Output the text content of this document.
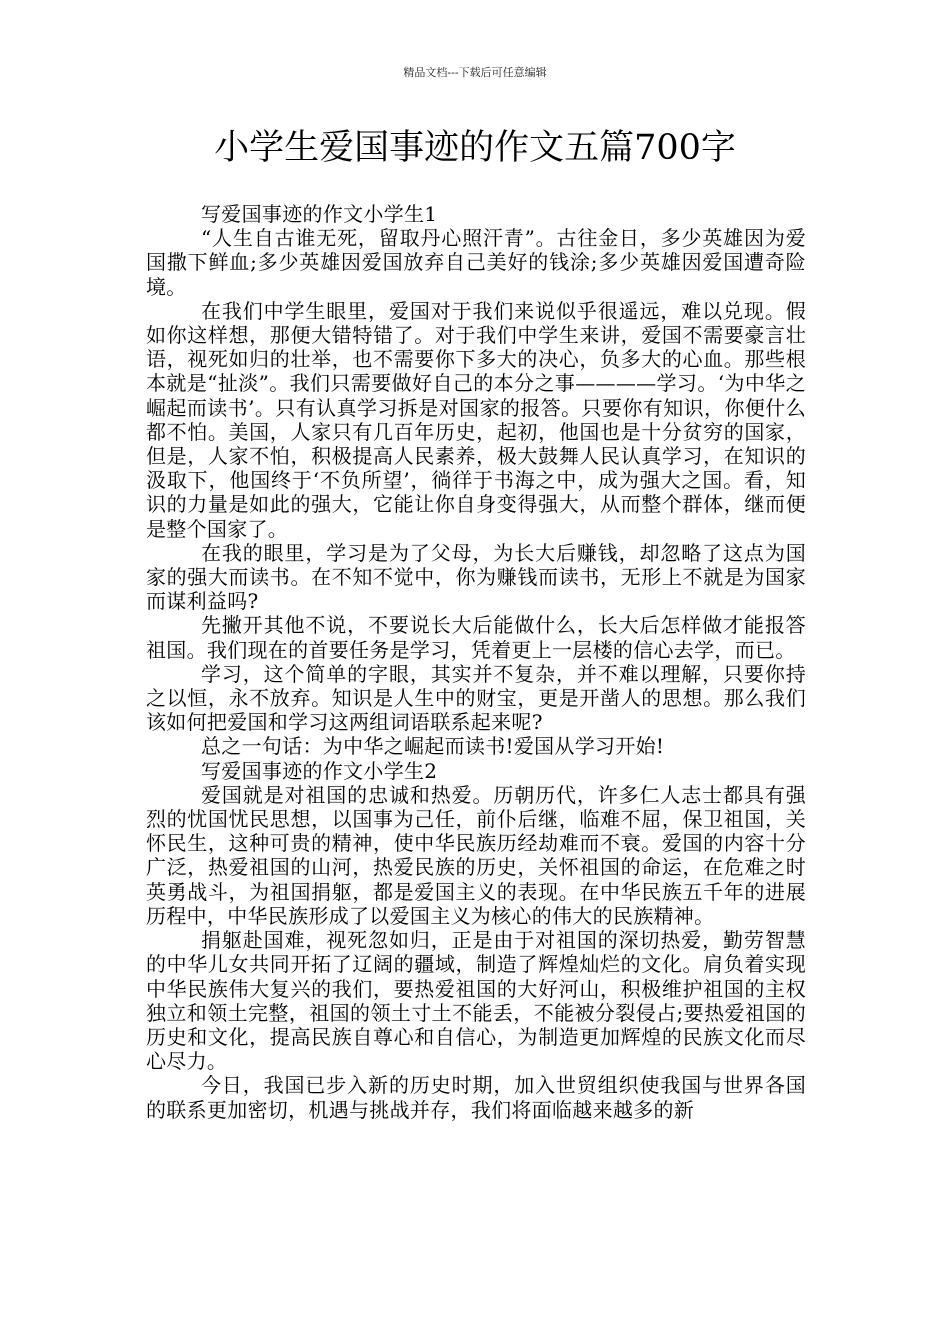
精品文档---下载后可任意编辑
小学生爱国事迹的作文五篇700字

写爱国事迹的作文小学生1

“人生自古谁无死，留取丹心照汗青”。古往金日，多少英雄因为爱国撒下鲜血;多少英雄因爱国放弃自己美好的钱涂;多少英雄因爱国遭奇险境。

在我们中学生眼里，爱国对于我们来说似乎很遥远，难以兑现。假如你这样想，那便大错特错了。对于我们中学生来讲，爱国不需要豪言壮语，视死如归的壮举，也不需要你下多大的决心，负多大的心血。那些根本就是“扯淡”。我们只需要做好自己的本分之事————学习。‘为中华之崛起而读书’。只有认真学习拆是对国家的报答。只要你有知识，你便什么都不怕。美国，人家只有几百年历史，起初，他国也是十分贫穷的国家，但是，人家不怕，积极提高人民素养，极大鼓舞人民认真学习，在知识的汲取下，他国终于‘不负所望’，徜徉于书海之中，成为强大之国。看，知识的力量是如此的强大，它能让你自身变得强大，从而整个群体，继而便是整个国家了。

在我的眼里，学习是为了父母，为长大后赚钱，却忽略了这点为国家的强大而读书。在不知不觉中，你为赚钱而读书，无形上不就是为国家而谋利益吗?

先撇开其他不说，不要说长大后能做什么，长大后怎样做才能报答祖国。我们现在的首要任务是学习，凭着更上一层楼的信心去学，而已。

学习，这个简单的字眼，其实并不复杂，并不难以理解，只要你持之以恒，永不放弃。知识是人生中的财宝，更是开凿人的思想。那么我们该如何把爱国和学习这两组词语联系起来呢?

总之一句话：为中华之崛起而读书!爱国从学习开始!

写爱国事迹的作文小学生2

爱国就是对祖国的忠诚和热爱。历朝历代，许多仁人志士都具有强烈的忧国忧民思想，以国事为己任，前仆后继，临难不屈，保卫祖国，关怀民生，这种可贵的精神，使中华民族历经劫难而不衰。爱国的内容十分广泛，热爱祖国的山河，热爱民族的历史，关怀祖国的命运，在危难之时英勇战斗，为祖国捐躯，都是爱国主义的表现。在中华民族五千年的进展历程中，中华民族形成了以爱国主义为核心的伟大的民族精神。

捐躯赴国难，视死忽如归，正是由于对祖国的深切热爱，勤劳智慧的中华儿女共同开拓了辽阔的疆域，制造了辉煌灿烂的文化。肩负着实现中华民族伟大复兴的我们，要热爱祖国的大好河山，积极维护祖国的主权独立和领土完整，祖国的领土寸土不能丢，不能被分裂侵占;要热爱祖国的历史和文化，提高民族自尊心和自信心，为制造更加辉煌的民族文化而尽心尽力。

今日，我国已步入新的历史时期，加入世贸组织使我国与世界各国的联系更加密切，机遇与挑战并存，我们将面临越来越多的新
